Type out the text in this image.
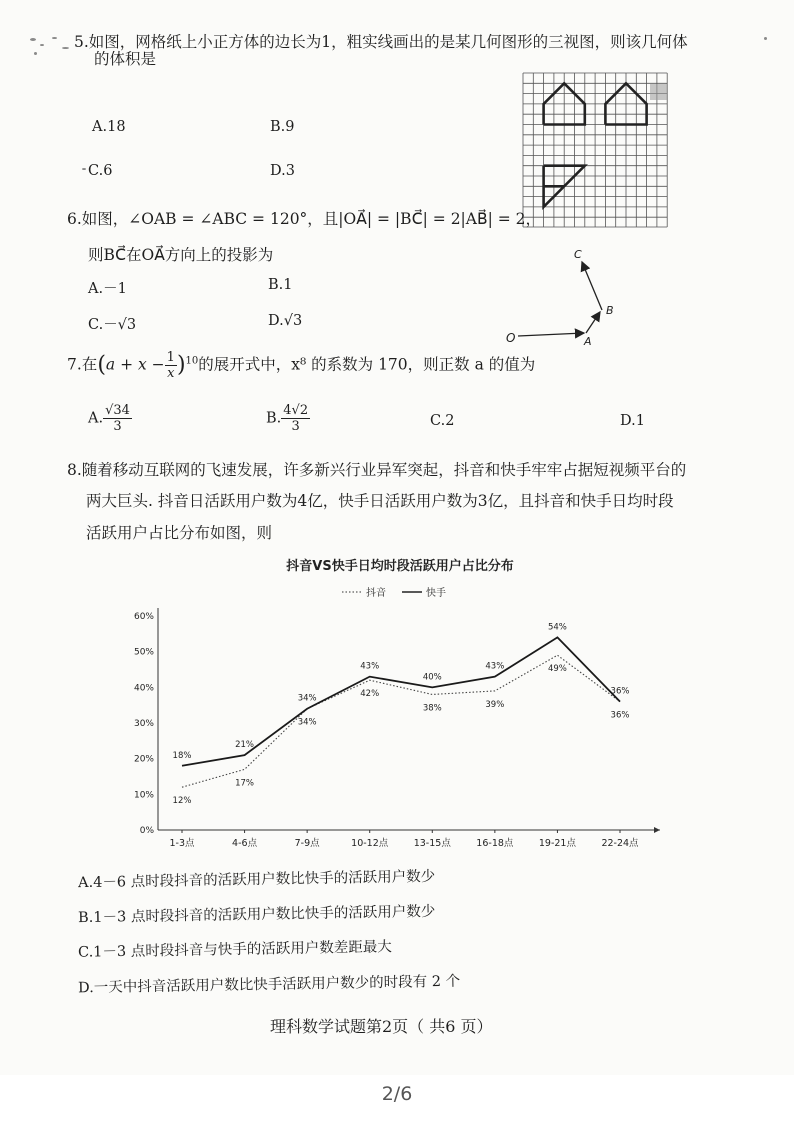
5.如图，网格纸上小正方体的边长为1，粗实线画出的是某几何图形的三视图，则该几何体
的体积是
A.18	B.9
C.6	D.3
6.如图，∠OAB = ∠ABC = 120°，且|OA⃗| = |BC⃗| = 2|AB⃗| = 2，
则BC⃗在OA⃗方向上的投影为
A.－1	B.1
C.－√3	D.√3
O	A
B
C
7.在$(a + x - \frac{1}{x} )^{10}$的展开式中，x⁸ 的系数为 170，则正数 a 的值为
A. $\frac{√34}{3}$	B. $\frac{4√2}{3}$	C.2	D.1
8.随着移动互联网的飞速发展，许多新兴行业异军突起，抖音和快手牢牢占据短视频平台的
两大巨头. 抖音日活跃用户数为4亿，快手日活跃用户数为3亿，且抖音和快手日均时段
活跃用户占比分布如图，则
抖音VS快手日均时段活跃用户占比分布
抖音	快手
0%
10%
20%
30%
40%
50%
60%
1-3点	4-6点	7-9点	10-12点	13-15点	16-18点	19-21点	22-24点
12%
17%
34%
42%
38%	39%
49%
36%
18%
21%
34%
43%
40%
43%
54%
36%
A.4－6 点时段抖音的活跃用户数比快手的活跃用户数少
B.1－3 点时段抖音的活跃用户数比快手的活跃用户数少
C.1－3 点时段抖音与快手的活跃用户数差距最大
D.一天中抖音活跃用户数比快手活跃用户数少的时段有 2 个
理科数学试题第2页（ 共6 页）
2/6
